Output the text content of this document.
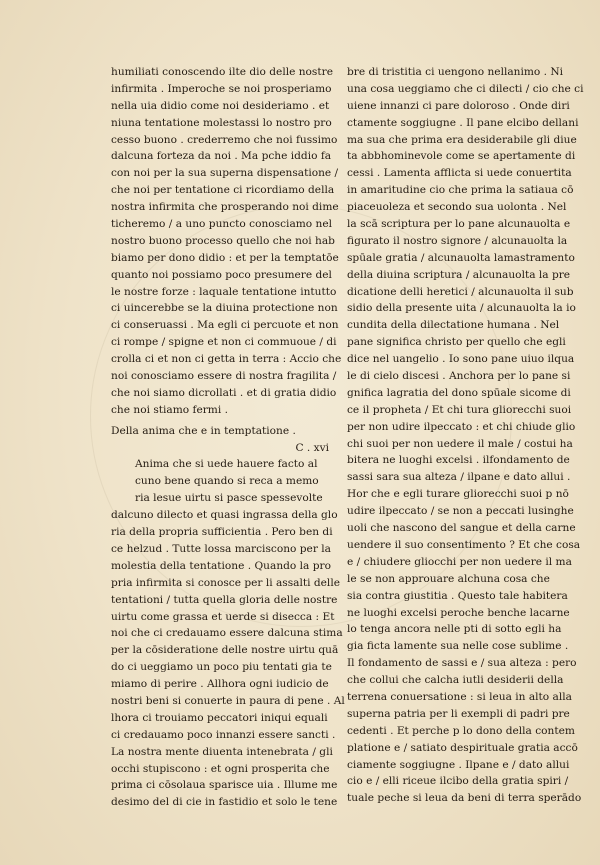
humiliati conoscendo ilte dio delle nostre
infirmita . Imperoche se noi prosperiamo
nella uia didio come noi desideriamo . et
niuna tentatione molestassi lo nostro pro
cesso buono . crederremo che noi fussimo
dalcuna forteza da noi . Ma pche iddio fa
con noi per la sua superna dispensatione /
che noi per tentatione ci ricordiamo della
nostra infirmita che prosperando noi dime
ticheremo / a uno puncto conosciamo nel
nostro buono processo quello che noi hab
biamo per dono didio : et per la temptatōe
quanto noi possiamo poco presumere del
le nostre forze : laquale tentatione intutto
ci uincerebbe se la diuina protectione non
ci conseruassi . Ma egli ci percuote et non
ci rompe / spigne et non ci commuoue / di
crolla ci et non ci getta in terra : Accio che
noi conosciamo essere di nostra fragilita /
che noi siamo dicrollati . et di gratia didio
che noi stiamo fermi .
Della anima che e in temptatione .
C . xvi
Anima che si uede hauere facto al
cuno bene quando si reca a memo
ria lesue uirtu si pasce spessevolte
dalcuno dilecto et quasi ingrassa della glo
ria della propria sufficientia . Pero ben di
ce helzud . Tutte lossa marciscono per la
molestia della tentatione . Quando la pro
pria infirmita si conosce per li assalti delle
tentationi / tutta quella gloria delle nostre
uirtu come grassa et uerde si disecca : Et
noi che ci credauamo essere dalcuna stima
per la cōsideratione delle nostre uirtu quā
do ci ueggiamo un poco piu tentati gia te
miamo di perire . Allhora ogni iudicio de
nostri beni si conuerte in paura di pene . Al
lhora ci trouiamo peccatori iniqui equali
ci credauamo poco innanzi essere sancti .
La nostra mente diuenta intenebrata / gli
occhi stupiscono : et ogni prosperita che
prima ci cōsolaua sparisce uia . Illume me
desimo del di cie in fastidio et solo le tene
bre di tristitia ci uengono nellanimo . Ni
una cosa ueggiamo che ci dilecti / cio che ci
uiene innanzi ci pare doloroso . Onde diri
ctamente soggiugne . Il pane elcibo dellani
ma sua che prima era desiderabile gli diue
ta abbhominevole come se apertamente di
cessi . Lamenta afflicta si uede conuertita
in amaritudine cio che prima la satiaua cō
piaceuoleza et secondo sua uolonta . Nel
la scā scriptura per lo pane alcunauolta e
figurato il nostro signore / alcunauolta la
spūale gratia / alcunauolta lamastramento
della diuina scriptura / alcunauolta la pre
dicatione delli heretici / alcunauolta il sub
sidio della presente uita / alcunauolta la io
cundita della dilectatione humana . Nel
pane significa christo per quello che egli
dice nel uangelio . Io sono pane uiuo ilqua
le di cielo discesi . Anchora per lo pane si
gnifica lagratia del dono spūale sicome di
ce il propheta / Et chi tura gliorecchi suoi
per non udire ilpeccato : et chi chiude glio
chi suoi per non uedere il male / costui ha
bitera ne luoghi excelsi . ilfondamento de
sassi sara sua alteza / ilpane e dato allui .
Hor che e egli turare gliorecchi suoi p nō
udire ilpeccato / se non a peccati lusinghe
uoli che nascono del sangue et della carne
uendere il suo consentimento ? Et che cosa
e / chiudere gliocchi per non uedere il ma
le se non approuare alchuna cosa che
sia contra giustitia . Questo tale habitera
ne luoghi excelsi peroche benche lacarne
lo tenga ancora nelle pti di sotto egli ha
gia ficta lamente sua nelle cose sublime .
Il fondamento de sassi e / sua alteza : pero
che collui che calcha iutli desiderii della
terrena conuersatione : si leua in alto alla
superna patria per li exempli di padri pre
cedenti . Et perche p lo dono della contem
platione e / satiato despirituale gratia accō
ciamente soggiugne . Ilpane e / dato allui
cio e / elli riceue ilcibo della gratia spiri /
tuale peche si leua da beni di terra sperādo
